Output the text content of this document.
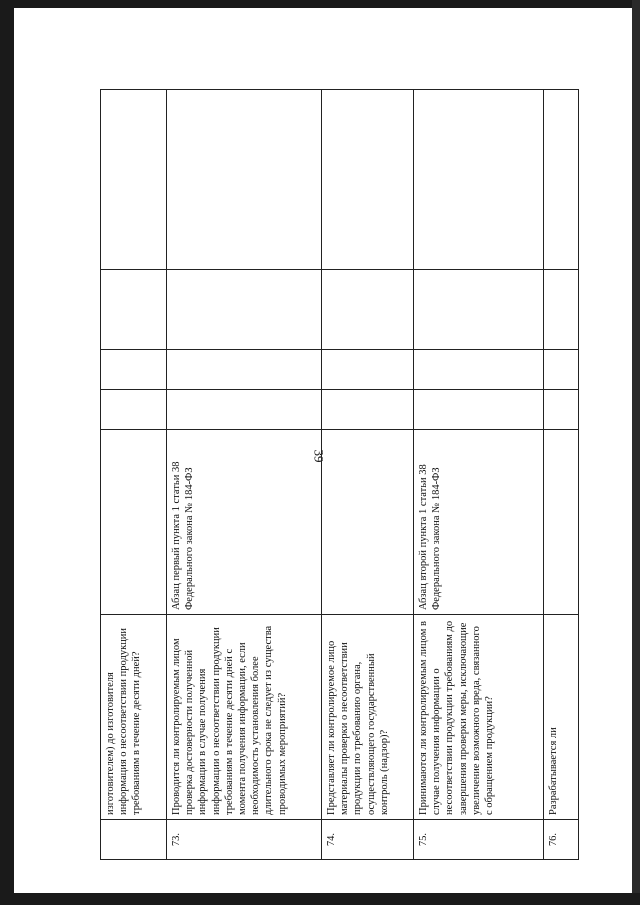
39
	изготовителем) до изготовителя информация о несоответствии продукции требованиям в течение десяти дней?					
73.	Проводится ли контролируемым лицом проверка достоверности полученной информации в случае получения информации о несоответствии продукции требованиям в течение десяти дней с момента получения информации, если необходимость установления более длительного срока не следует из существа проводимых мероприятий?	Абзац первый пункта 1 статьи 38 Федерального закона № 184-ФЗ				
74.	Представляет ли контролируемое лицо материалы проверки о несоответствии продукции по требованию органа, осуществляющего государственный контроль (надзор)?					
75.	Принимаются ли контролируемым лицом в случае получения информации о несоответствии продукции требованиям до завершения проверки меры, исключающие увеличение возможного вреда, связанного с обращением продукции?	Абзац второй пункта 1 статьи 38 Федерального закона № 184-ФЗ				
76.	Разрабатывается ли					
